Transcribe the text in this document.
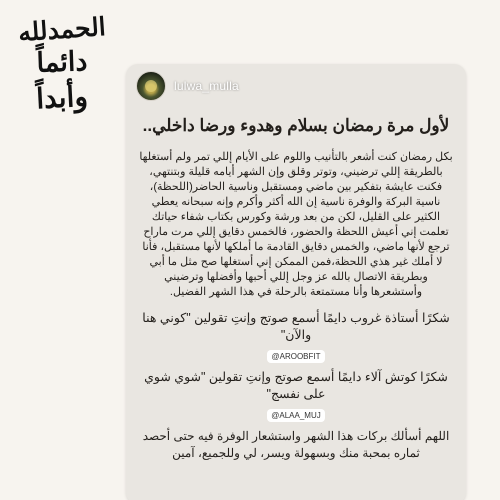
الحمدلله
دائماً
وأبداً	lulwa_mulla
لأول مرة رمضان بسلام وهدوء ورضا داخلي..

بكل رمضان كنت أشعر بالتأنيب واللوم على الأيام إللي تمر ولم أستغلها بالطريقة إللي ترضيني، وتوتر وقلق وإن الشهر أيامه قليلة وبتنتهي، فكنت عايشة بتفكير بين ماضي ومستقبل وناسية الحاضر(اللحظة)، ناسية البركة والوفرة ناسية إن الله أكثر وأكرم وإنه سبحانه يعطي الكثير على القليل، لكن من بعد ورشة وكورس بكتاب شفاء حياتك تعلمت إني أعيش اللحظة والحضور، فالخمس دقايق إللي مرت ماراح ترجع لأنها ماضي، والخمس دقايق القادمة ما أملكها لأنها مستقبل، فأنا لا أملك غير هذي اللحظة،فمن الممكن إني أستغلها صح مثل ما أبي وبطريقة الاتصال بالله عز وجل إللي أحبها وأفضلها وترضيني وأستشعرها وأنا مستمتعة بالرحلة في هذا الشهر الفضيل.

شكرًا أستاذة غروب دايمًا أسمع صوتج وإنتِ تقولين "كوني هنا والآن"

@AROOBFIT

شكرًا كوتش آلاء دايمًا أسمع صوتج وإنتِ تقولين "شوي شوي على نفسج"

@ALAA_MUJ

اللهم أسألك بركات هذا الشهر واستشعار الوفرة فيه حتى أحصد ثماره بمحبة منك وبسهولة ويسر، لي وللجميع، آمين
